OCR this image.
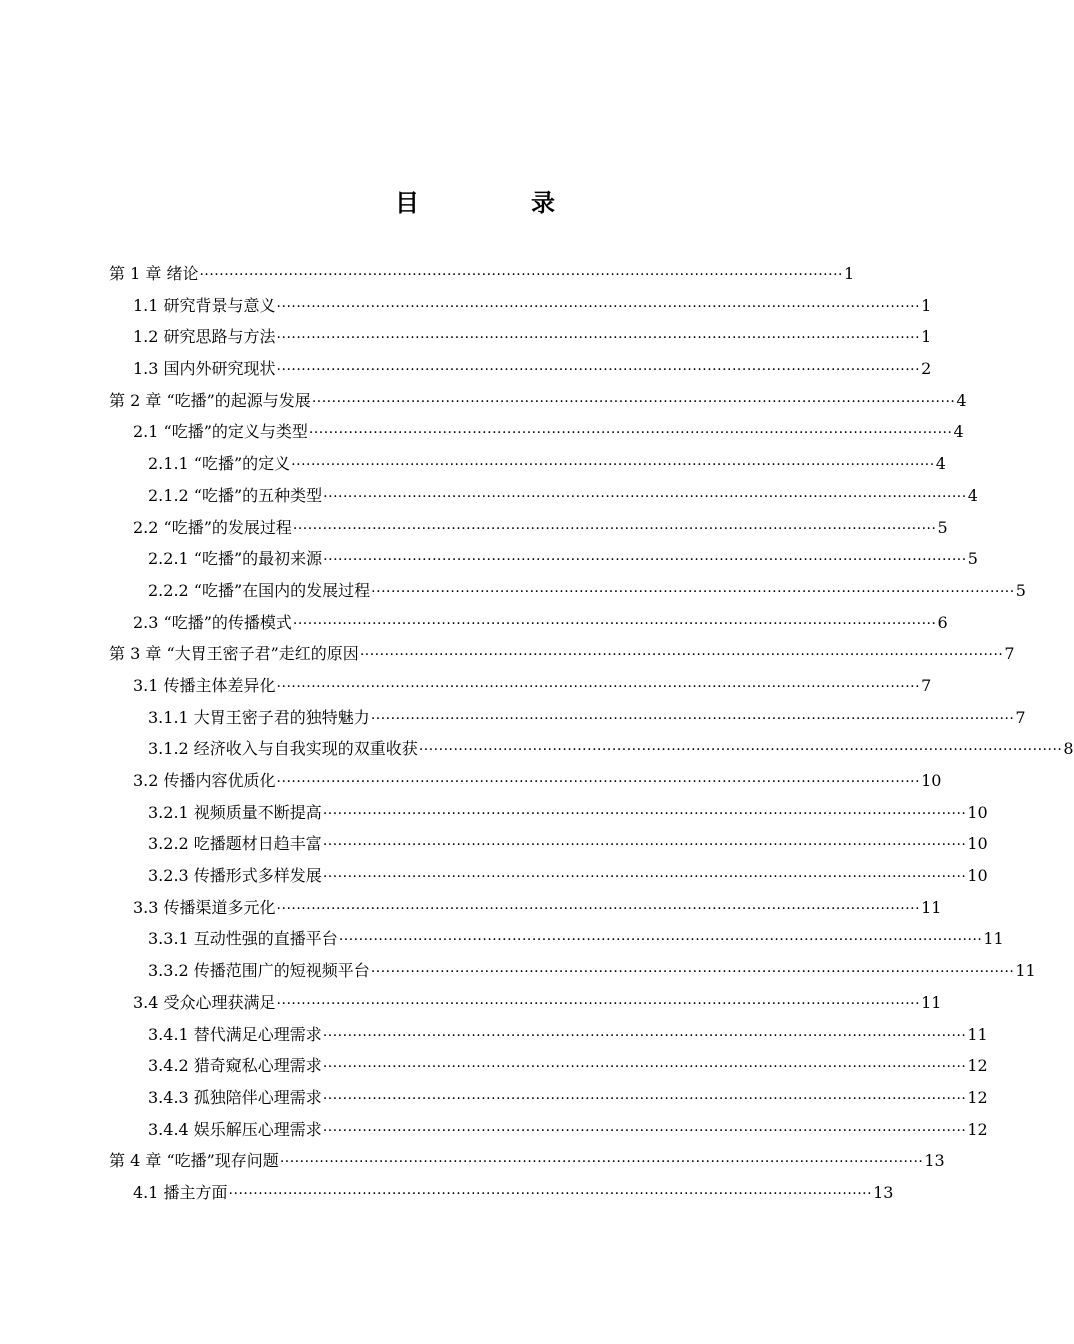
目　录
第 1 章 绪论 ·································································································································· 1
1.1 研究背景与意义 ·································································································································· 1
1.2 研究思路与方法 ·································································································································· 1
1.3 国内外研究现状 ·································································································································· 2
第 2 章 “吃播”的起源与发展 ·································································································································· 4
2.1 “吃播”的定义与类型 ·································································································································· 4
2.1.1 “吃播”的定义 ·································································································································· 4
2.1.2 “吃播”的五种类型 ·································································································································· 4
2.2 “吃播”的发展过程 ·································································································································· 5
2.2.1 “吃播”的最初来源 ·································································································································· 5
2.2.2 “吃播”在国内的发展过程 ·································································································································· 5
2.3 “吃播”的传播模式 ·································································································································· 6
第 3 章 “大胃王密子君”走红的原因 ·································································································································· 7
3.1 传播主体差异化 ·································································································································· 7
3.1.1 大胃王密子君的独特魅力 ·································································································································· 7
3.1.2 经济收入与自我实现的双重收获 ·································································································································· 8
3.2 传播内容优质化 ·································································································································· 10
3.2.1 视频质量不断提高 ·································································································································· 10
3.2.2 吃播题材日趋丰富 ·································································································································· 10
3.2.3 传播形式多样发展 ·································································································································· 10
3.3 传播渠道多元化 ·································································································································· 11
3.3.1 互动性强的直播平台 ·································································································································· 11
3.3.2 传播范围广的短视频平台 ·································································································································· 11
3.4 受众心理获满足 ·································································································································· 11
3.4.1 替代满足心理需求 ·································································································································· 11
3.4.2 猎奇窥私心理需求 ·································································································································· 12
3.4.3 孤独陪伴心理需求 ·································································································································· 12
3.4.4 娱乐解压心理需求 ·································································································································· 12
第 4 章 “吃播”现存问题 ·································································································································· 13
4.1 播主方面 ·································································································································· 13
